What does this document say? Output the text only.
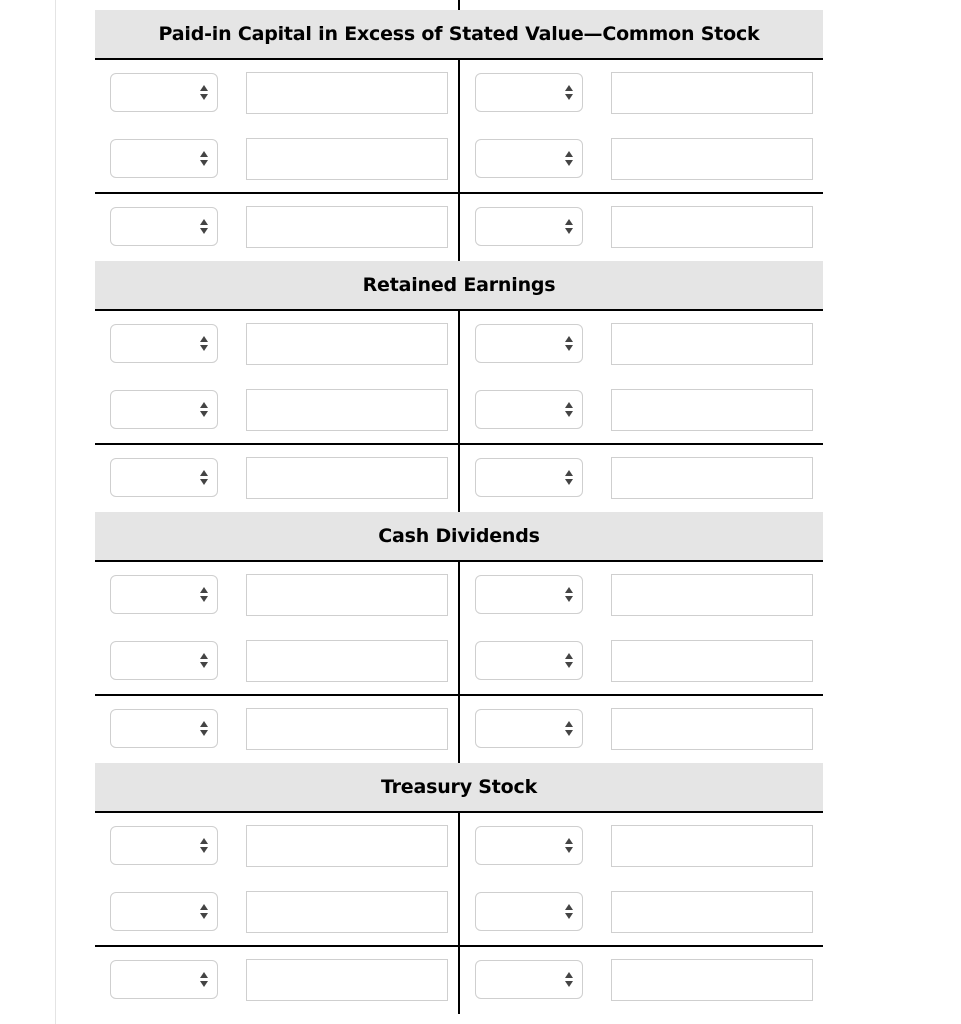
Paid-in Capital in Excess of Stated Value—Common Stock
Retained Earnings
Cash Dividends
Treasury Stock
